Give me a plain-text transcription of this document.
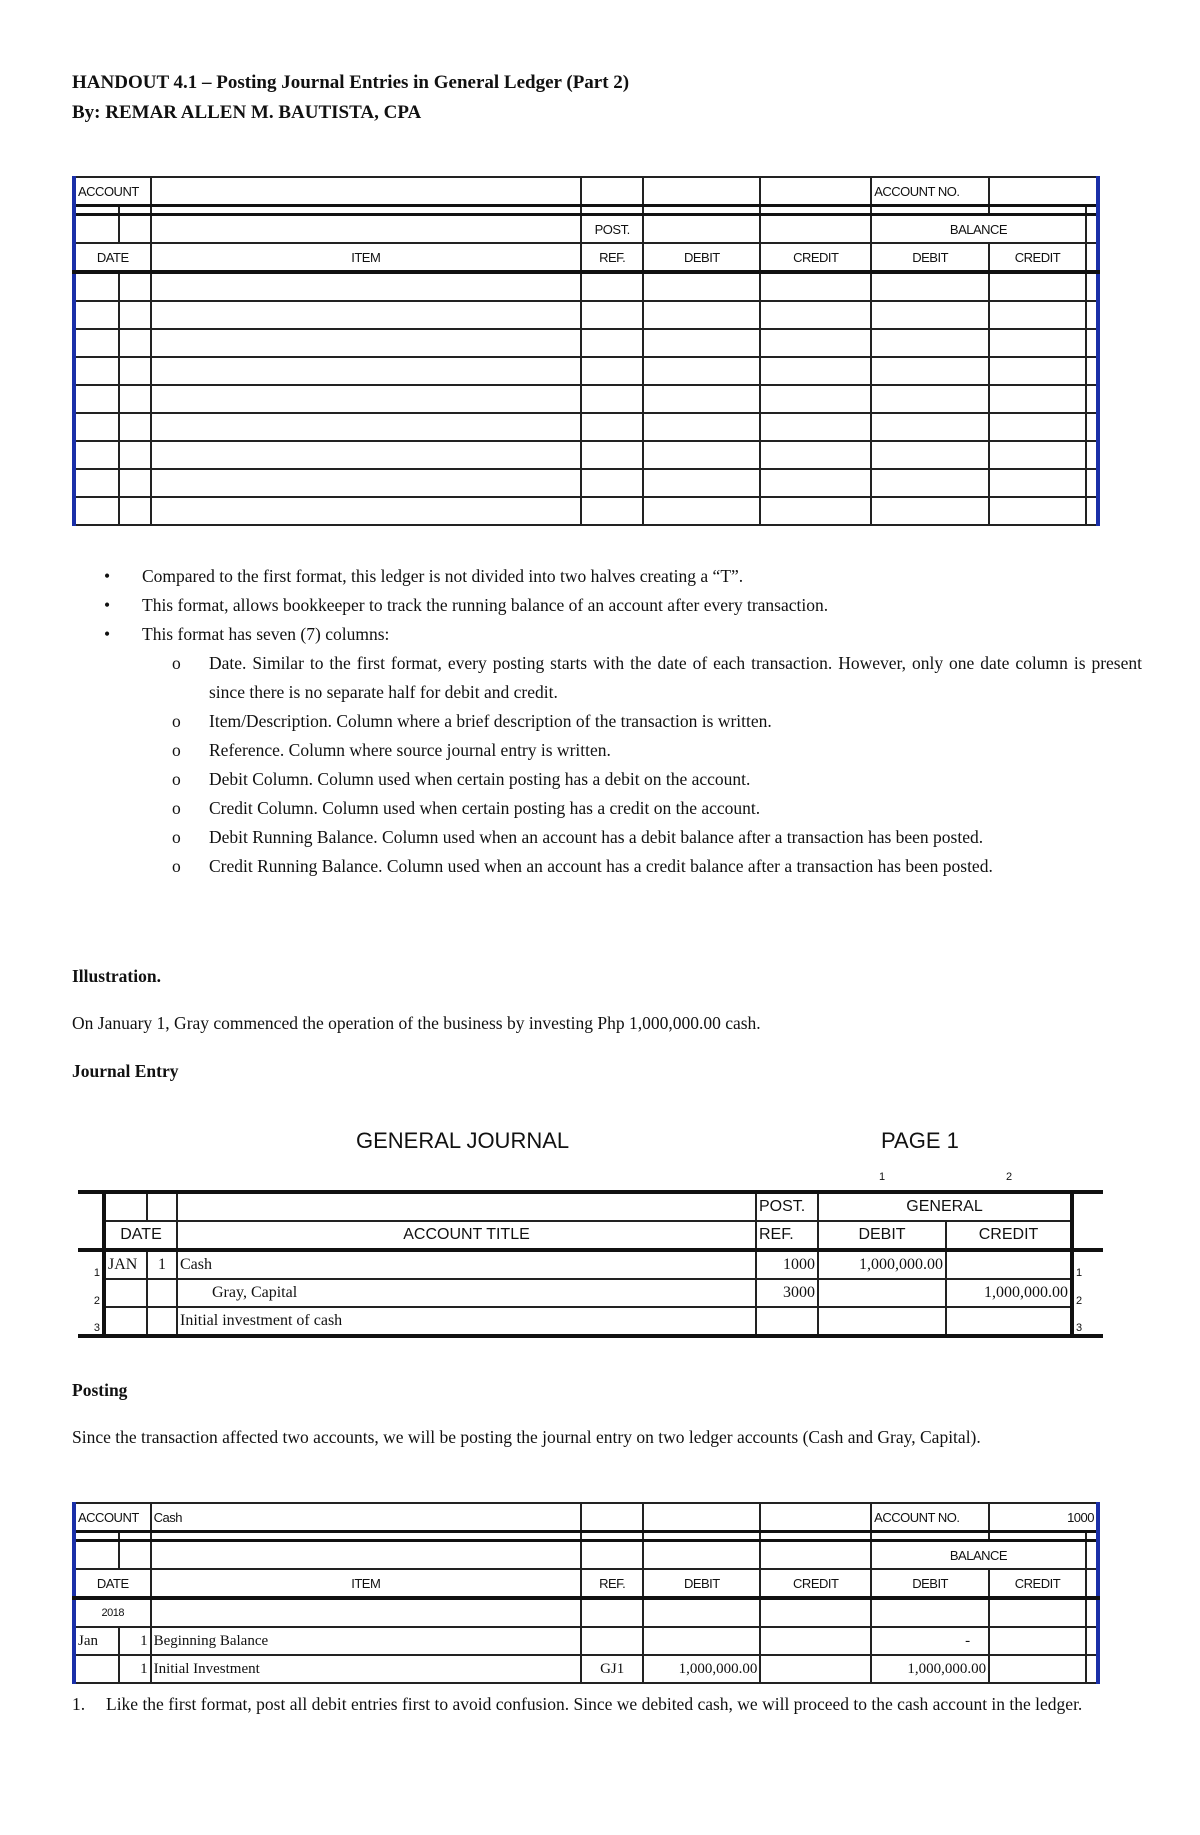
HANDOUT 4.1 – Posting Journal Entries in General Ledger (Part 2)
By: REMAR ALLEN M. BAUTISTA, CPA
ACCOUNT						ACCOUNT NO.		

			POST.			BALANCE		
DATE		ITEM	REF.	DEBIT	CREDIT	DEBIT	CREDIT	

• Compared to the first format, this ledger is not divided into two halves creating a “T”.
• This format, allows bookkeeper to track the running balance of an account after every transaction.
• This format has seven (7) columns:
o Date. Similar to the first format, every posting starts with the date of each transaction. However, only one date column is present since there is no separate half for debit and credit.
o Item/Description. Column where a brief description of the transaction is written.
o Reference. Column where source journal entry is written.
o Debit Column. Column used when certain posting has a debit on the account.
o Credit Column. Column used when certain posting has a credit on the account.
o Debit Running Balance. Column used when an account has a debit balance after a transaction has been posted.
o Credit Running Balance. Column used when an account has a credit balance after a transaction has been posted.
Illustration.
On January 1, Gray commenced the operation of the business by investing Php 1,000,000.00 cash.
Journal Entry
GENERAL JOURNAL	PAGE 1
					1	2	
				POST.	GENERAL		
	DATE		ACCOUNT TITLE	REF.	DEBIT	CREDIT	
1	JAN	1	Cash	1000	1,000,000.00		1
2			Gray, Capital	3000		1,000,000.00	2
3			Initial investment of cash				3
Posting
Since the transaction affected two accounts, we will be posting the journal entry on two ledger accounts (Cash and Gray, Capital).
ACCOUNT		Cash				ACCOUNT NO.	1000	

						BALANCE		
DATE		ITEM	REF.	DEBIT	CREDIT	DEBIT	CREDIT	
2018								
Jan	1	Beginning Balance				-		
	1	Initial Investment	GJ1	1,000,000.00		1,000,000.00		
1. Like the first format, post all debit entries first to avoid confusion. Since we debited cash, we will proceed to the cash account in the ledger.
